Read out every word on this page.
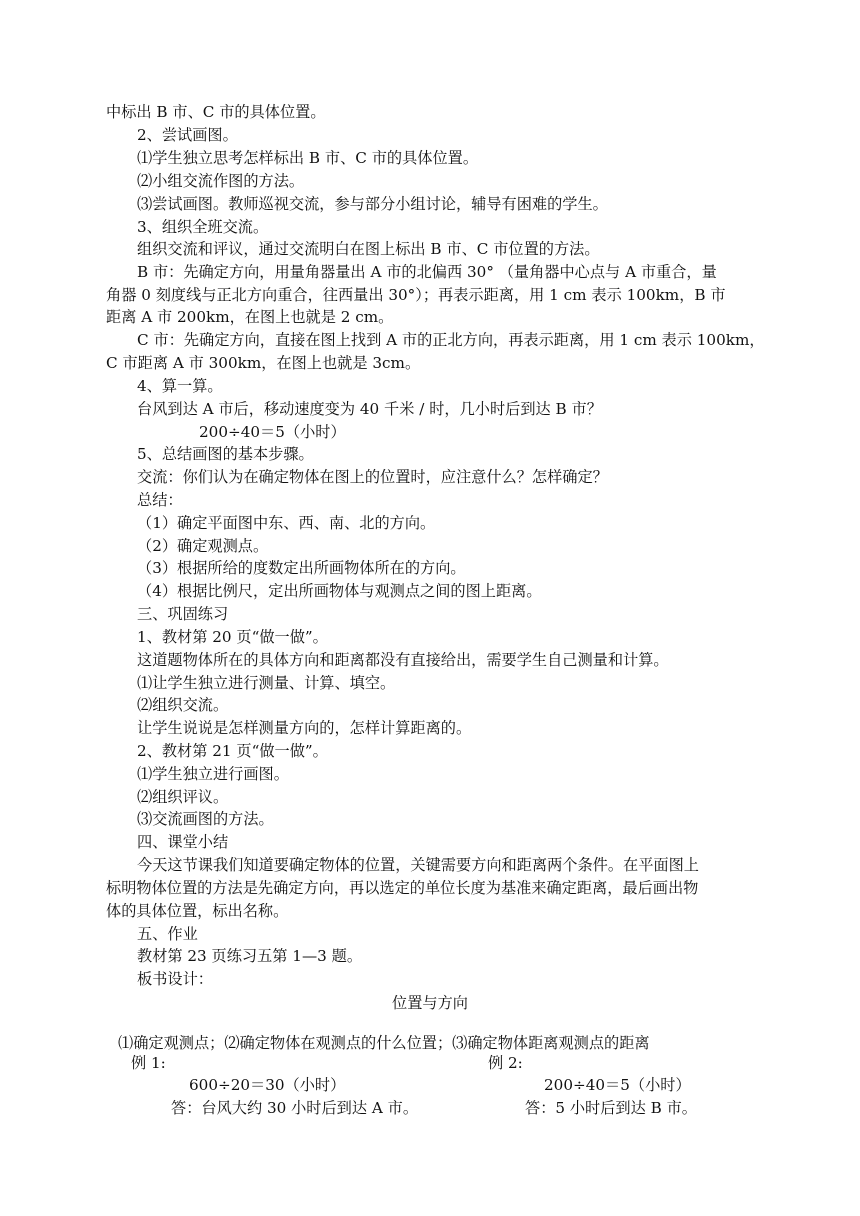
中标出 B 市、C 市的具体位置。
2、尝试画图。
⑴学生独立思考怎样标出 B 市、C 市的具体位置。
⑵小组交流作图的方法。
⑶尝试画图。教师巡视交流，参与部分小组讨论，辅导有困难的学生。
3、组织全班交流。
组织交流和评议，通过交流明白在图上标出 B 市、C 市位置的方法。
B 市：先确定方向，用量角器量出 A 市的北偏西 30° （量角器中心点与 A 市重合，量
角器 0 刻度线与正北方向重合，往西量出 30°）；再表示距离，用 1 cm 表示 100km，B 市
距离 A 市 200km，在图上也就是 2 cm。
C 市：先确定方向，直接在图上找到 A 市的正北方向，再表示距离，用 1 cm 表示 100km，
C 市距离 A 市 300km，在图上也就是 3cm。
4、算一算。
台风到达 A 市后，移动速度变为 40 千米 / 时，几小时后到达 B 市？
200÷40＝5（小时）
5、总结画图的基本步骤。
交流：你们认为在确定物体在图上的位置时，应注意什么？怎样确定？
总结：
（1）确定平面图中东、西、南、北的方向。
（2）确定观测点。
（3）根据所给的度数定出所画物体所在的方向。
（4）根据比例尺，定出所画物体与观测点之间的图上距离。
三、巩固练习
1、教材第 20 页“做一做”。
这道题物体所在的具体方向和距离都没有直接给出，需要学生自己测量和计算。
⑴让学生独立进行测量、计算、填空。
⑵组织交流。
让学生说说是怎样测量方向的，怎样计算距离的。
2、教材第 21 页“做一做”。
⑴学生独立进行画图。
⑵组织评议。
⑶交流画图的方法。
四、课堂小结
今天这节课我们知道要确定物体的位置，关键需要方向和距离两个条件。在平面图上
标明物体位置的方法是先确定方向，再以选定的单位长度为基准来确定距离，最后画出物
体的具体位置，标出名称。
五、作业
教材第 23 页练习五第 1—3 题。
板书设计：
位置与方向
⑴确定观测点；⑵确定物体在观测点的什么位置；⑶确定物体距离观测点的距离
例 1:	例 2:
600÷20＝30（小时）	200÷40＝5（小时）
答：台风大约 30 小时后到达 A 市。	答：5 小时后到达 B 市。
